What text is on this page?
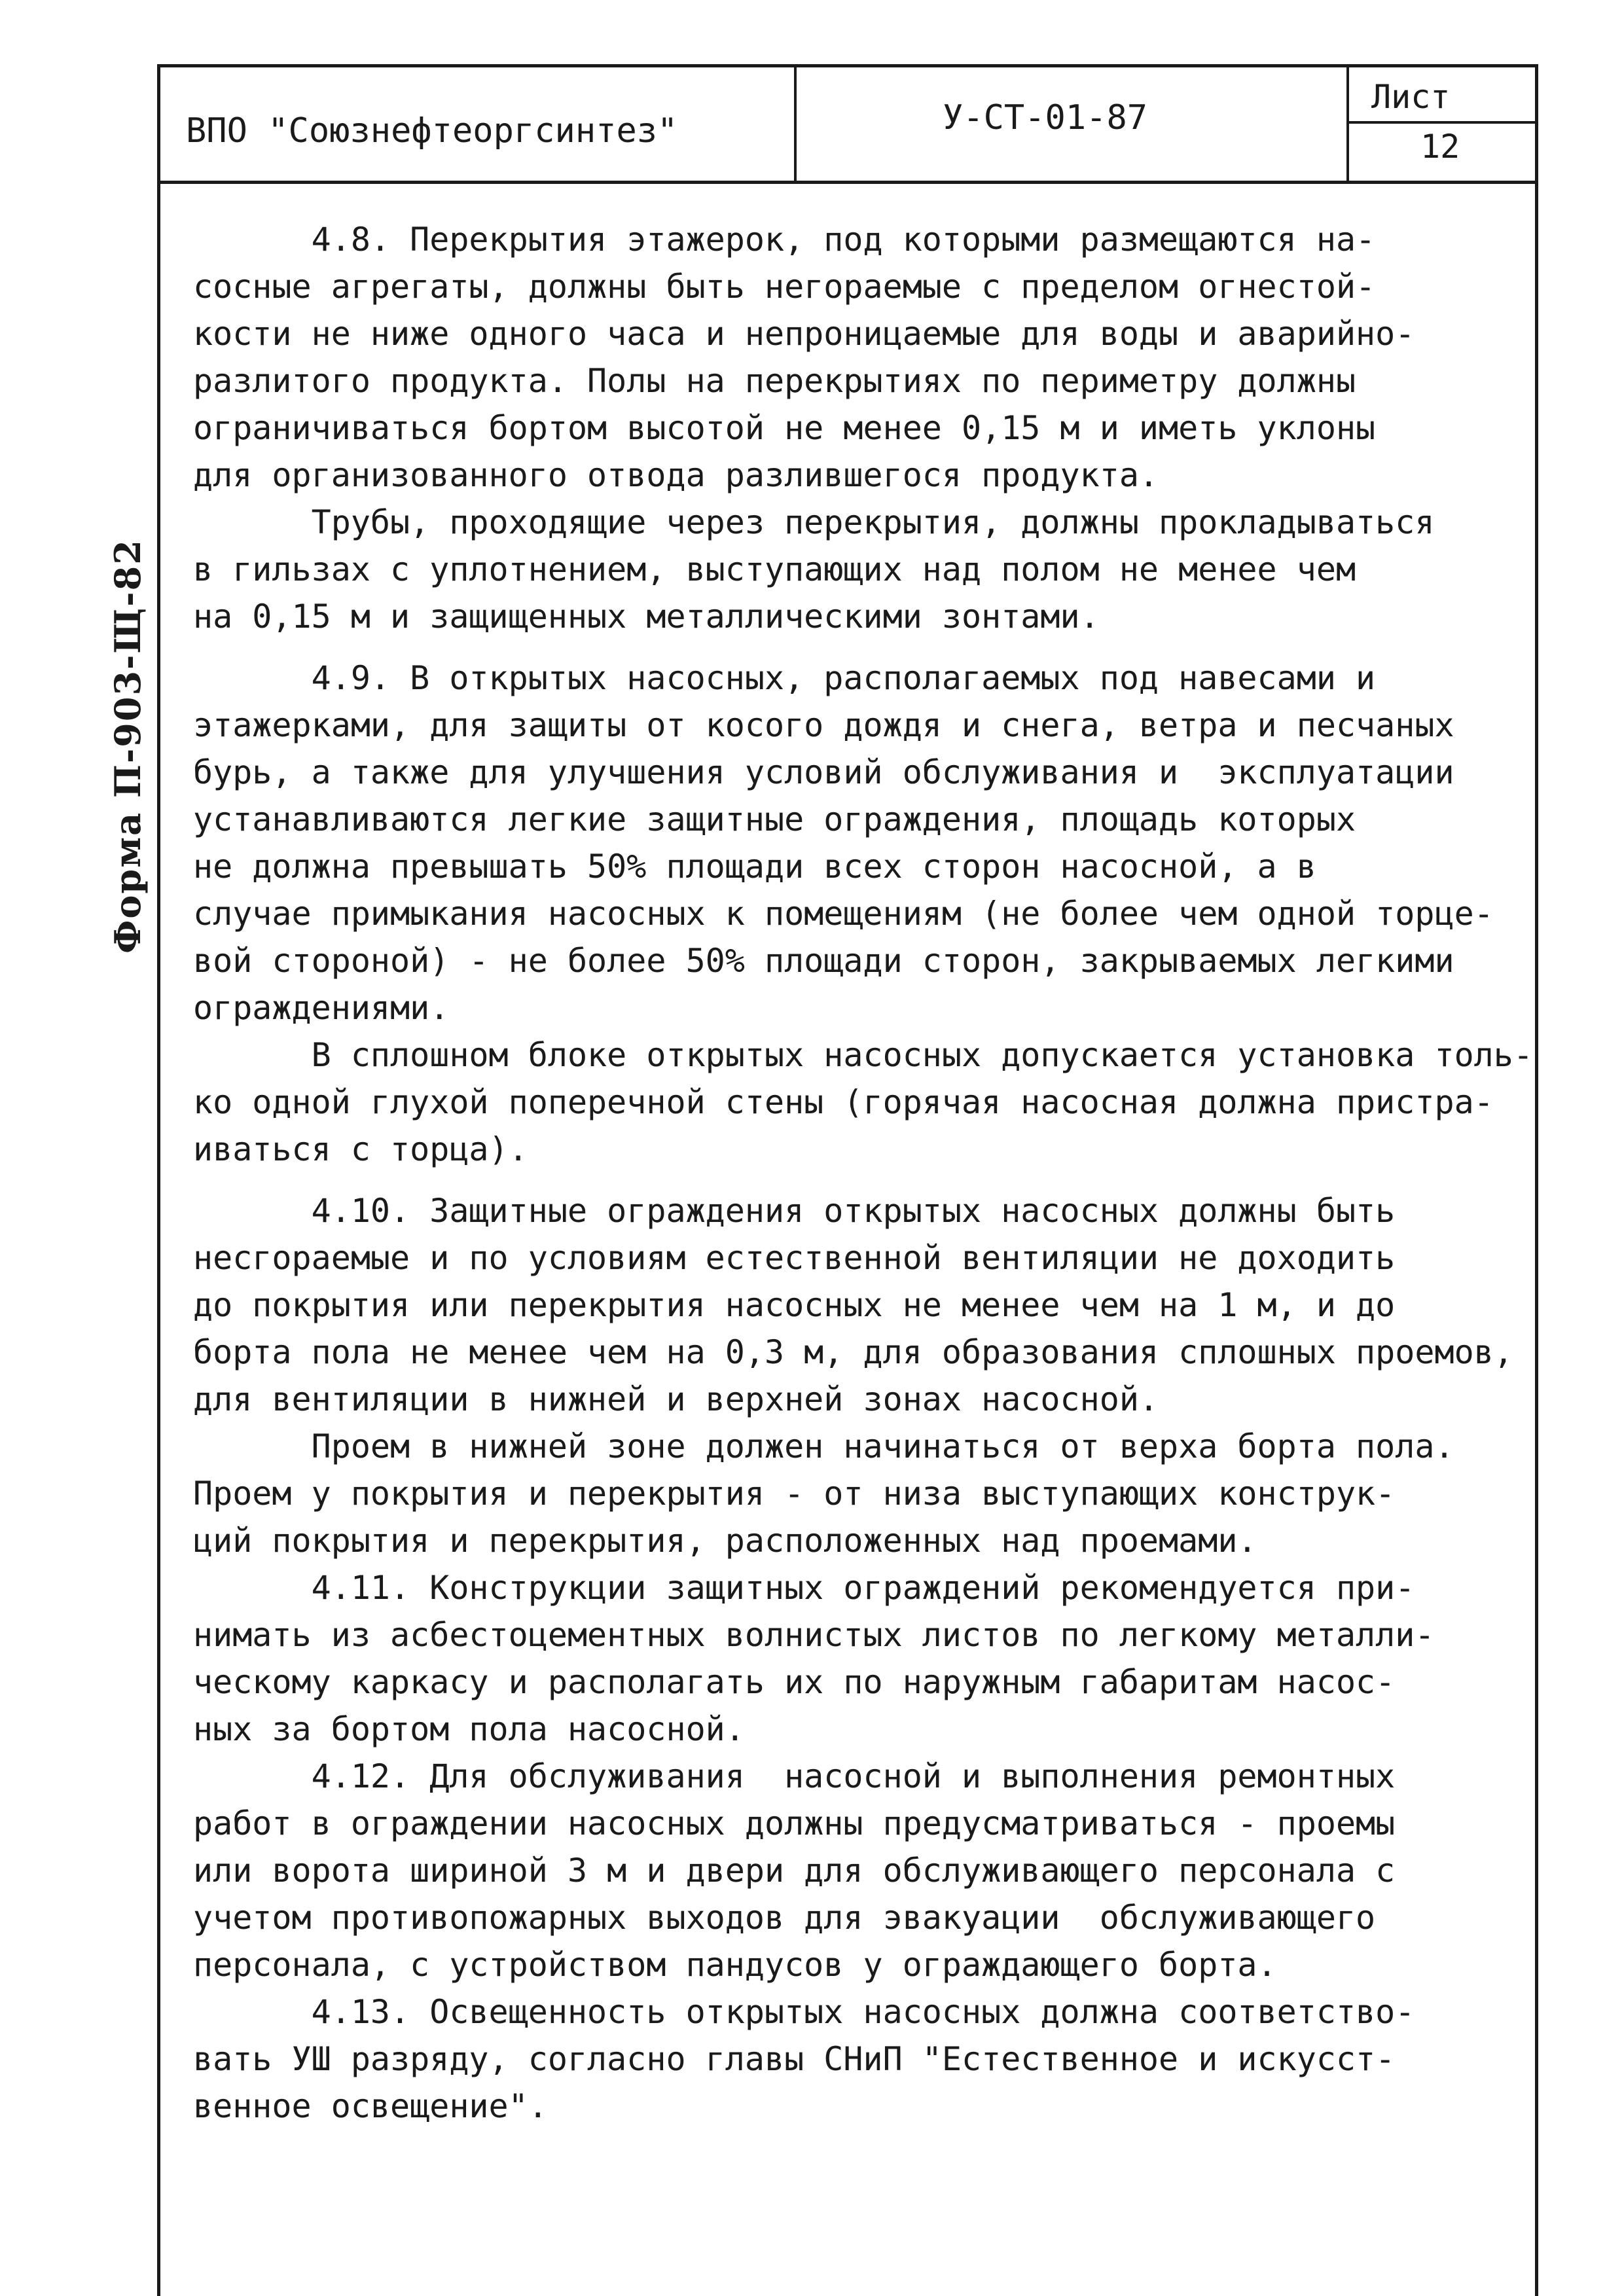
ВПО "Союзнефтеоргсинтез"	У-СТ-01-87
Лист
12
Форма П-903-Щ-82
4.8. Перекрытия этажерок, под которыми размещаются на-
сосные агрегаты, должны быть негораемые с пределом огнестой-
кости не ниже одного часа и непроницаемые для воды и аварийно-
разлитого продукта. Полы на перекрытиях по периметру должны
ограничиваться бортом высотой не менее 0,15 м и иметь уклоны
для организованного отвода разлившегося продукта.
Трубы, проходящие через перекрытия, должны прокладываться
в гильзах с уплотнением, выступающих над полом не менее чем
на 0,15 м и защищенных металлическими зонтами.
4.9. В открытых насосных, располагаемых под навесами и
этажерками, для защиты от косого дождя и снега, ветра и песчаных
бурь, а также для улучшения условий обслуживания и  эксплуатации
устанавливаются легкие защитные ограждения, площадь которых
не должна превышать 50% площади всех сторон насосной, а в
случае примыкания насосных к помещениям (не более чем одной торце-
вой стороной) - не более 50% площади сторон, закрываемых легкими
ограждениями.
В сплошном блоке открытых насосных допускается установка толь-
ко одной глухой поперечной стены (горячая насосная должна пристра-
иваться с торца).
4.10. Защитные ограждения открытых насосных должны быть
несгораемые и по условиям естественной вентиляции не доходить
до покрытия или перекрытия насосных не менее чем на 1 м, и до
борта пола не менее чем на 0,3 м, для образования сплошных проемов,
для вентиляции в нижней и верхней зонах насосной.
Проем в нижней зоне должен начинаться от верха борта пола.
Проем у покрытия и перекрытия - от низа выступающих конструк-
ций покрытия и перекрытия, расположенных над проемами.
4.11. Конструкции защитных ограждений рекомендуется при-
нимать из асбестоцементных волнистых листов по легкому металли-
ческому каркасу и располагать их по наружным габаритам насос-
ных за бортом пола насосной.
4.12. Для обслуживания  насосной и выполнения ремонтных
работ в ограждении насосных должны предусматриваться - проемы
или ворота шириной 3 м и двери для обслуживающего персонала с
учетом противопожарных выходов для эвакуации  обслуживающего
персонала, с устройством пандусов у ограждающего борта.
4.13. Освещенность открытых насосных должна соответство-
вать УШ разряду, согласно главы СНиП "Естественное и искусст-
венное освещение".
